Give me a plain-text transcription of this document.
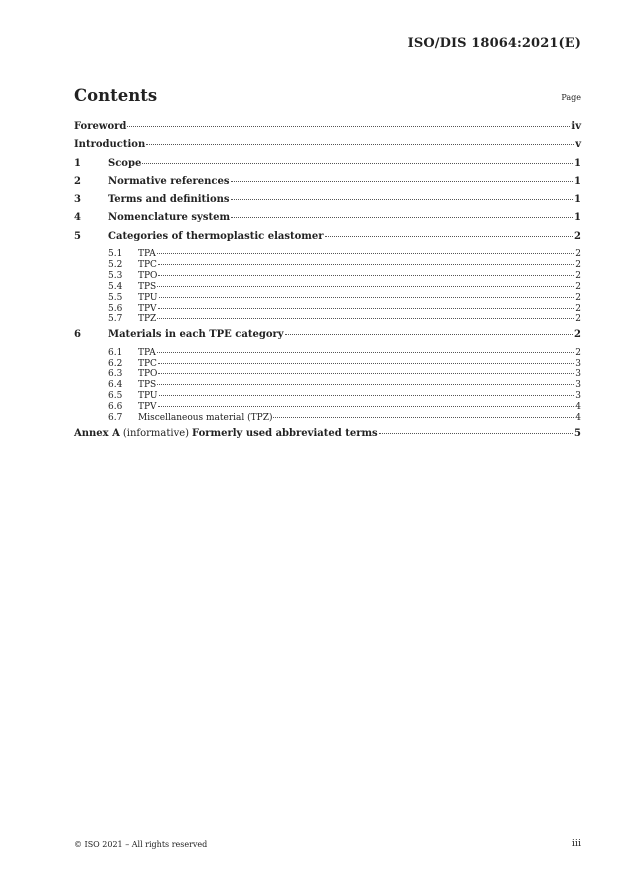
ISO/DIS 18064:2021(E)
Contents	Page
Foreword	iv
Introduction	v
1	Scope	1
2	Normative references	1
3	Terms and definitions	1
4	Nomenclature system	1
5	Categories of thermoplastic elastomer	2
5.1	TPA	2
5.2	TPC	2
5.3	TPO	2
5.4	TPS	2
5.5	TPU	2
5.6	TPV	2
5.7	TPZ	2
6	Materials in each TPE category	2
6.1	TPA	2
6.2	TPC	3
6.3	TPO	3
6.4	TPS	3
6.5	TPU	3
6.6	TPV	4
6.7	Miscellaneous material (TPZ)	4
Annex A (informative) Formerly used abbreviated terms	5
© ISO 2021 – All rights reserved	iii
